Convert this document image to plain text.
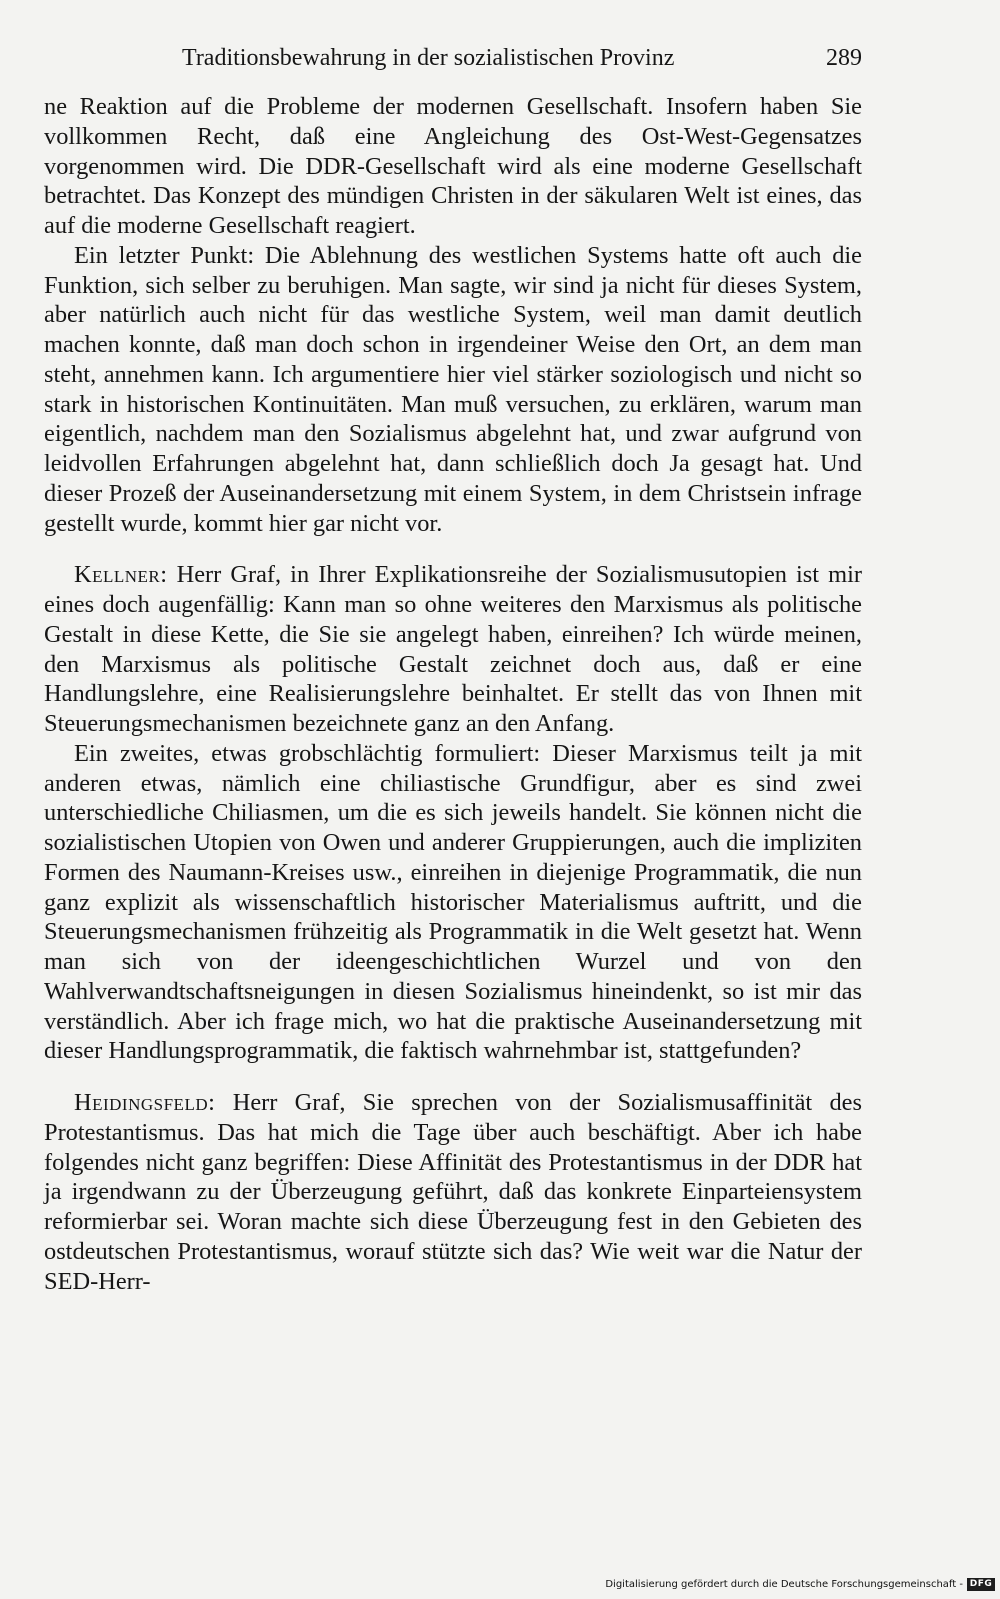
Traditionsbewahrung in der sozialistischen Provinz	289

ne Reaktion auf die Probleme der modernen Gesellschaft. Insofern haben Sie vollkommen Recht, daß eine Angleichung des Ost-West-Gegensatzes vorgenommen wird. Die DDR-Gesellschaft wird als eine moderne Gesellschaft betrachtet. Das Konzept des mündigen Christen in der säkularen Welt ist eines, das auf die moderne Gesellschaft reagiert.

Ein letzter Punkt: Die Ablehnung des westlichen Systems hatte oft auch die Funktion, sich selber zu beruhigen. Man sagte, wir sind ja nicht für dieses System, aber natürlich auch nicht für das westliche System, weil man damit deutlich machen konnte, daß man doch schon in irgendeiner Weise den Ort, an dem man steht, annehmen kann. Ich argumentiere hier viel stärker soziologisch und nicht so stark in historischen Kontinuitäten. Man muß versuchen, zu erklären, warum man eigentlich, nachdem man den Sozialismus abgelehnt hat, und zwar aufgrund von leidvollen Erfahrungen abgelehnt hat, dann schließlich doch Ja gesagt hat. Und dieser Prozeß der Auseinandersetzung mit einem System, in dem Christsein infrage gestellt wurde, kommt hier gar nicht vor.

Kellner: Herr Graf, in Ihrer Explikationsreihe der Sozialismusutopien ist mir eines doch augenfällig: Kann man so ohne weiteres den Marxismus als politische Gestalt in diese Kette, die Sie sie angelegt haben, einreihen? Ich würde meinen, den Marxismus als politische Gestalt zeichnet doch aus, daß er eine Handlungslehre, eine Realisierungslehre beinhaltet. Er stellt das von Ihnen mit Steuerungsmechanismen bezeichnete ganz an den Anfang.

Ein zweites, etwas grobschlächtig formuliert: Dieser Marxismus teilt ja mit anderen etwas, nämlich eine chiliastische Grundfigur, aber es sind zwei unterschiedliche Chiliasmen, um die es sich jeweils handelt. Sie können nicht die sozialistischen Utopien von Owen und anderer Gruppierungen, auch die impliziten Formen des Naumann-Kreises usw., einreihen in diejenige Programmatik, die nun ganz explizit als wissenschaftlich historischer Materialismus auftritt, und die Steuerungsmechanismen frühzeitig als Programmatik in die Welt gesetzt hat. Wenn man sich von der ideengeschichtlichen Wurzel und von den Wahlverwandtschaftsneigungen in diesen Sozialismus hineindenkt, so ist mir das verständlich. Aber ich frage mich, wo hat die praktische Auseinandersetzung mit dieser Handlungsprogrammatik, die faktisch wahrnehmbar ist, stattgefunden?

Heidingsfeld: Herr Graf, Sie sprechen von der Sozialismusaffinität des Protestantismus. Das hat mich die Tage über auch beschäftigt. Aber ich habe folgendes nicht ganz begriffen: Diese Affinität des Protestantismus in der DDR hat ja irgendwann zu der Überzeugung geführt, daß das konkrete Einparteiensystem reformierbar sei. Woran machte sich diese Überzeugung fest in den Gebieten des ostdeutschen Protestantismus, worauf stützte sich das? Wie weit war die Natur der SED-Herr-

Digitalisierung gefördert durch die Deutsche Forschungsgemeinschaft - DFG
